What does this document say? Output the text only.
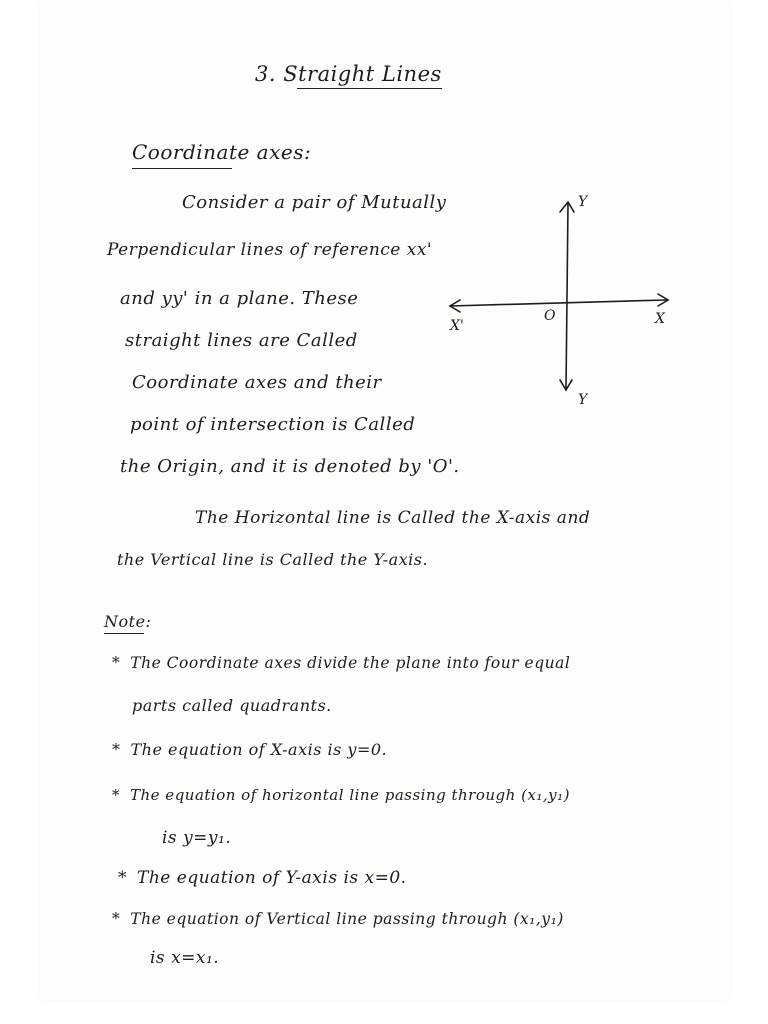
3. Straight Lines
Coordinate axes:
Consider a pair of Mutually
Perpendicular lines of reference xx'
and yy' in a plane. These
straight lines are Called
Coordinate axes and their
point of intersection is Called
the Origin, and it is denoted by 'O'.
The Horizontal line is Called the X-axis and
the Vertical line is Called the Y-axis.
Y
X
X'
O
Y
Note:
* The Coordinate axes divide the plane into four equal
parts called quadrants.
* The equation of X-axis is y=0.
* The equation of horizontal line passing through (x₁,y₁)
is y=y₁.
* The equation of Y-axis is x=0.
* The equation of Vertical line passing through (x₁,y₁)
is x=x₁.
